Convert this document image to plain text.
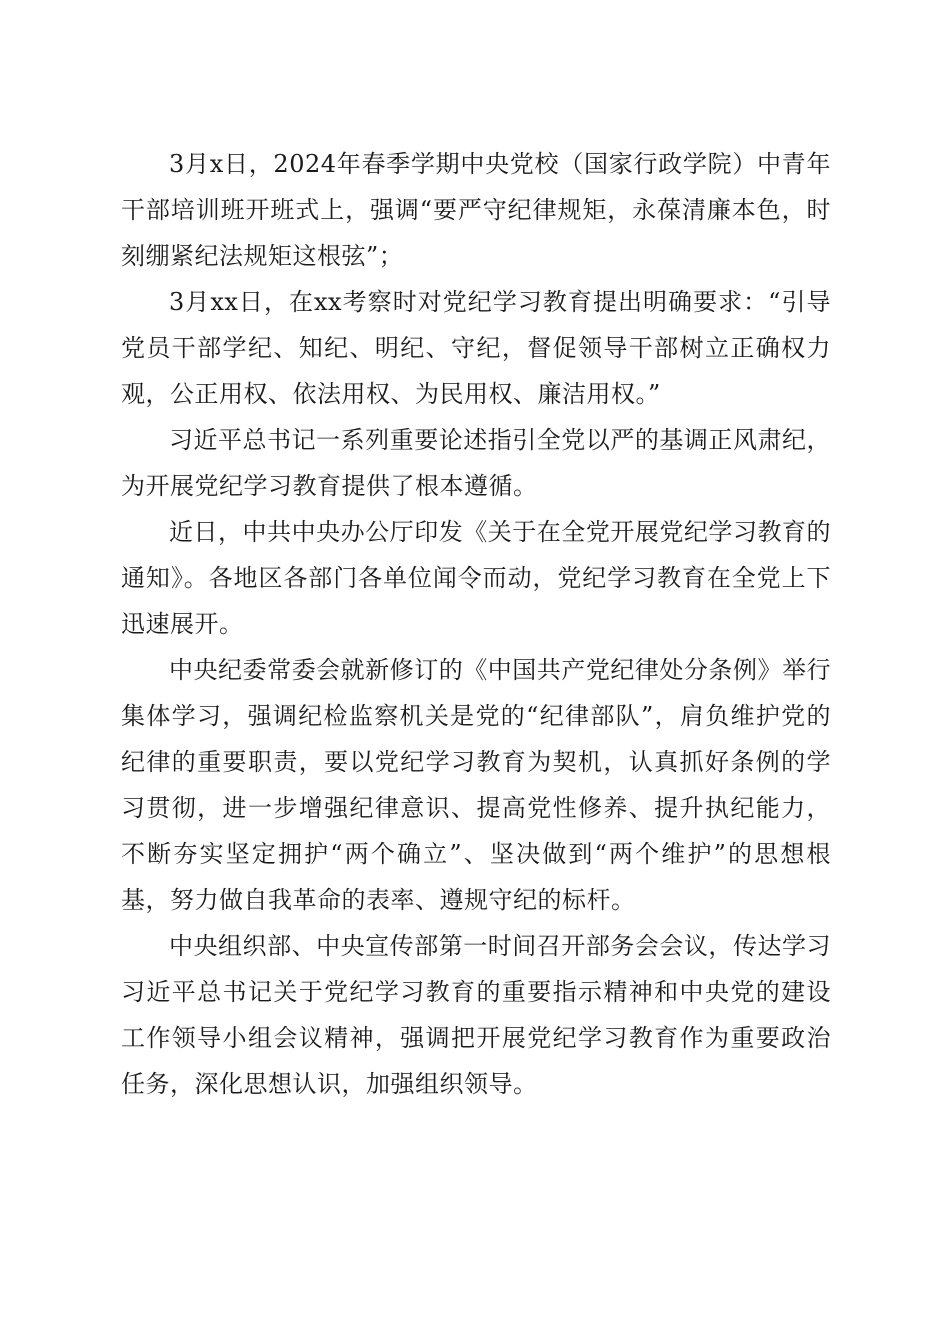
3月x日，2024年春季学期中央党校（国家行政学院）中青年干部培训班开班式上，强调“要严守纪律规矩，永葆清廉本色，时刻绷紧纪法规矩这根弦”；

3月xx日，在xx考察时对党纪学习教育提出明确要求：“引导党员干部学纪、知纪、明纪、守纪，督促领导干部树立正确权力观，公正用权、依法用权、为民用权、廉洁用权。”

习近平总书记一系列重要论述指引全党以严的基调正风肃纪，为开展党纪学习教育提供了根本遵循。

近日，中共中央办公厅印发《关于在全党开展党纪学习教育的通知》。各地区各部门各单位闻令而动，党纪学习教育在全党上下迅速展开。

中央纪委常委会就新修订的《中国共产党纪律处分条例》举行集体学习，强调纪检监察机关是党的“纪律部队”，肩负维护党的纪律的重要职责，要以党纪学习教育为契机，认真抓好条例的学习贯彻，进一步增强纪律意识、提高党性修养、提升执纪能力，不断夯实坚定拥护“两个确立”、坚决做到“两个维护”的思想根基，努力做自我革命的表率、遵规守纪的标杆。

中央组织部、中央宣传部第一时间召开部务会会议，传达学习习近平总书记关于党纪学习教育的重要指示精神和中央党的建设工作领导小组会议精神，强调把开展党纪学习教育作为重要政治任务，深化思想认识，加强组织领导。
